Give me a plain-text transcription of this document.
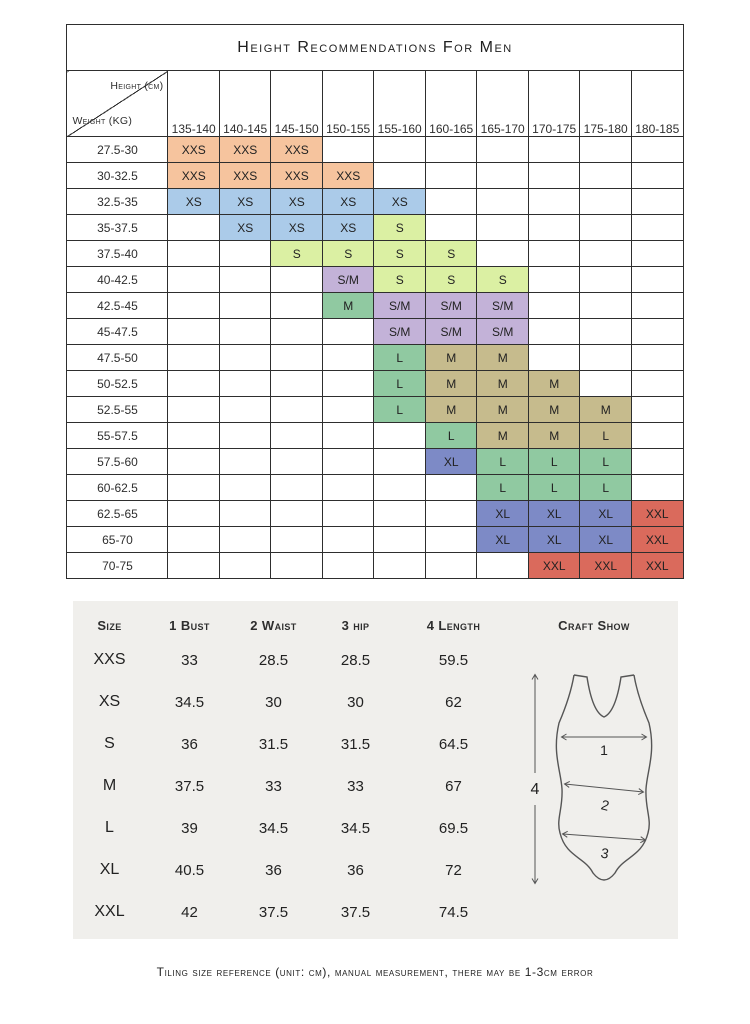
Height Recommendations For Men										

Height (cm)
Weight (KG)	135-140	140-145	145-150	150-155	155-160	160-165	165-170	170-175	175-180	180-185
27.5-30	XXS	XXS	XXS							
30-32.5	XXS	XXS	XXS	XXS						
32.5-35	XS	XS	XS	XS	XS					
35-37.5		XS	XS	XS	S					
37.5-40			S	S	S	S				
40-42.5				S/M	S	S	S			
42.5-45				M	S/M	S/M	S/M			
45-47.5					S/M	S/M	S/M			
47.5-50					L	M	M			
50-52.5					L	M	M	M		
52.5-55					L	M	M	M	M	
55-57.5						L	M	M	L	
57.5-60						XL	L	L	L	
60-62.5							L	L	L	
62.5-65							XL	XL	XL	XXL
65-70							XL	XL	XL	XXL
70-75								XXL	XXL	XXL
Size	1 Bust	2 Waist	3 hip	4 Length	Craft Show
XXS	33	28.5	28.5	59.5
XS	34.5	30	30	62
S	36	31.5	31.5	64.5
M	37.5	33	33	67
L	39	34.5	34.5	69.5
XL	40.5	36	36	72
XXL	42	37.5	37.5	74.5
1
2
3
4
Tiling size reference (unit: cm), manual measurement, there may be 1-3cm error
